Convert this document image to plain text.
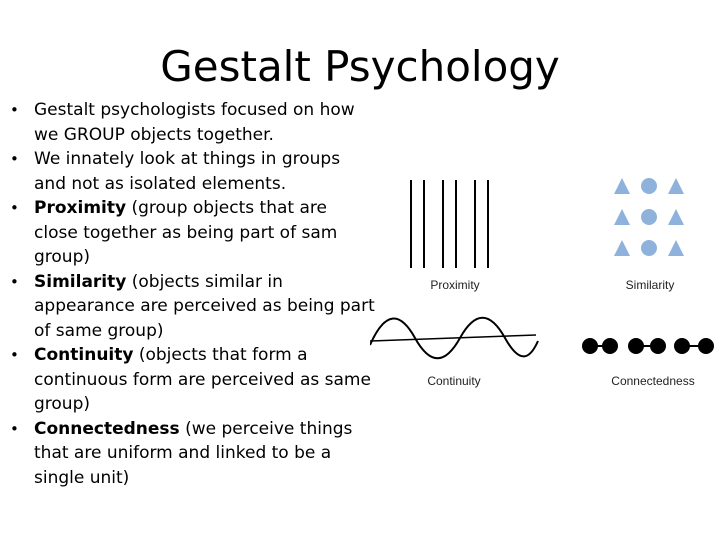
Gestalt Psychology
• Gestalt psychologists focused on how we GROUP objects together.
• We innately look at things in groups and not as isolated elements.
• Proximity (group objects that are close together as being part of sam group)
• Similarity (objects similar in appearance are perceived as being part of same group)
• Continuity (objects that form a continuous form are perceived as same group)
• Connectedness (we perceive things that are uniform and linked to be a single unit)
Proximity	Similarity
Continuity	Connectedness
